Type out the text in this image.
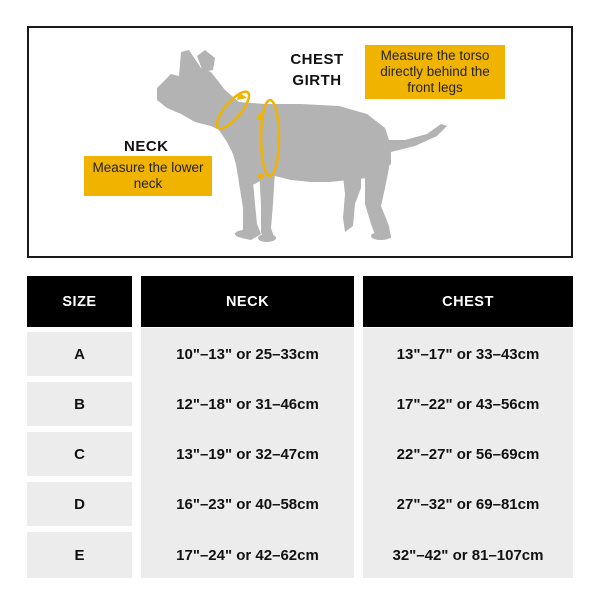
CHEST
GIRTH
Measure the torso directly behind the front legs
NECK
Measure the lower neck
SIZE	NECK	CHEST
A	10"–13" or 25–33cm	13"–17" or 33–43cm
B	12"–18" or 31–46cm	17"–22" or 43–56cm
C	13"–19" or 32–47cm	22"–27" or 56–69cm
D	16"–23" or 40–58cm	27"–32" or 69–81cm
E	17"–24" or 42–62cm	32"–42" or 81–107cm
